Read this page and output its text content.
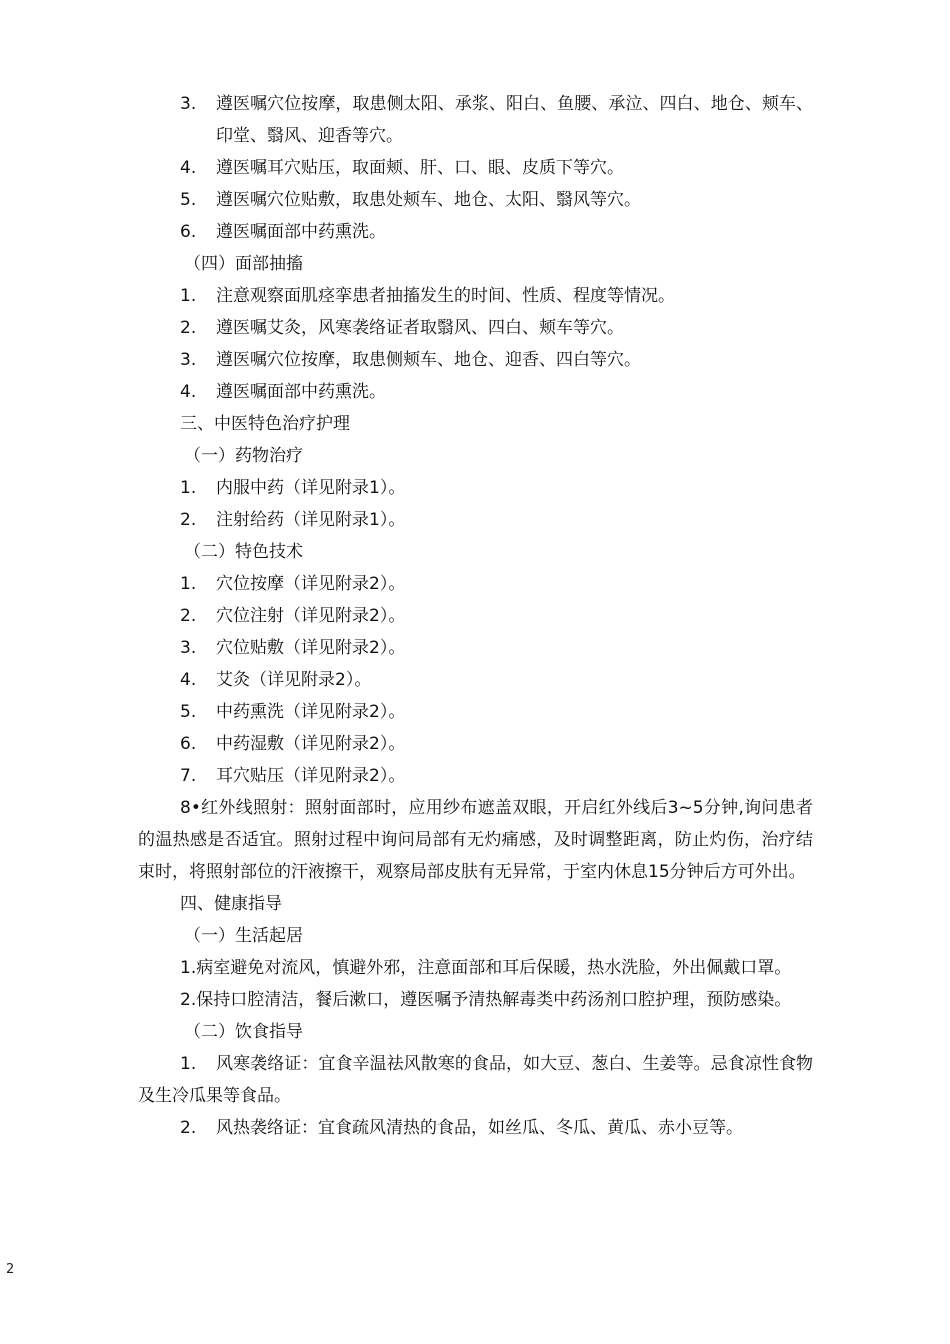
3.	遵医嘱穴位按摩，取患侧太阳、承浆、阳白、鱼腰、承泣、四白、地仓、颊车、印堂、翳风、迎香等穴。
4.	遵医嘱耳穴贴压，取面颊、肝、口、眼、皮质下等穴。
5.	遵医嘱穴位贴敷，取患处颊车、地仓、太阳、翳风等穴。
6.	遵医嘱面部中药熏洗。

（四）面部抽搐

1.	注意观察面肌痉挛患者抽搐发生的时间、性质、程度等情况。
2.	遵医嘱艾灸，风寒袭络证者取翳风、四白、颊车等穴。
3.	遵医嘱穴位按摩，取患侧颊车、地仓、迎香、四白等穴。
4.	遵医嘱面部中药熏洗。

三、中医特色治疗护理

（一）药物治疗

1.	内服中药（详见附录1）。
2.	注射给药（详见附录1）。

（二）特色技术

1.	穴位按摩（详见附录2）。
2.	穴位注射（详见附录2）。
3.	穴位贴敷（详见附录2）。
4.	艾灸（详见附录2）。
5.	中药熏洗（详见附录2）。
6.	中药湿敷（详见附录2）。
7.	耳穴贴压（详见附录2）。

8•红外线照射：照射面部时，应用纱布遮盖双眼，开启红外线后3~5分钟,询问患者的温热感是否适宜。照射过程中询问局部有无灼痛感，及时调整距离，防止灼伤，治疗结束时，将照射部位的汗液擦干，观察局部皮肤有无异常，于室内休息15分钟后方可外出。

四、健康指导

（一）生活起居

1.病室避免对流风，慎避外邪，注意面部和耳后保暖，热水洗脸，外出佩戴口罩。

2.保持口腔清洁，餐后漱口，遵医嘱予清热解毒类中药汤剂口腔护理，预防感染。

（二）饮食指导

1. 风寒袭络证：宜食辛温祛风散寒的食品，如大豆、葱白、生姜等。忌食凉性食物及生冷瓜果等食品。

2.	风热袭络证：宜食疏风清热的食品，如丝瓜、冬瓜、黄瓜、赤小豆等。
2
